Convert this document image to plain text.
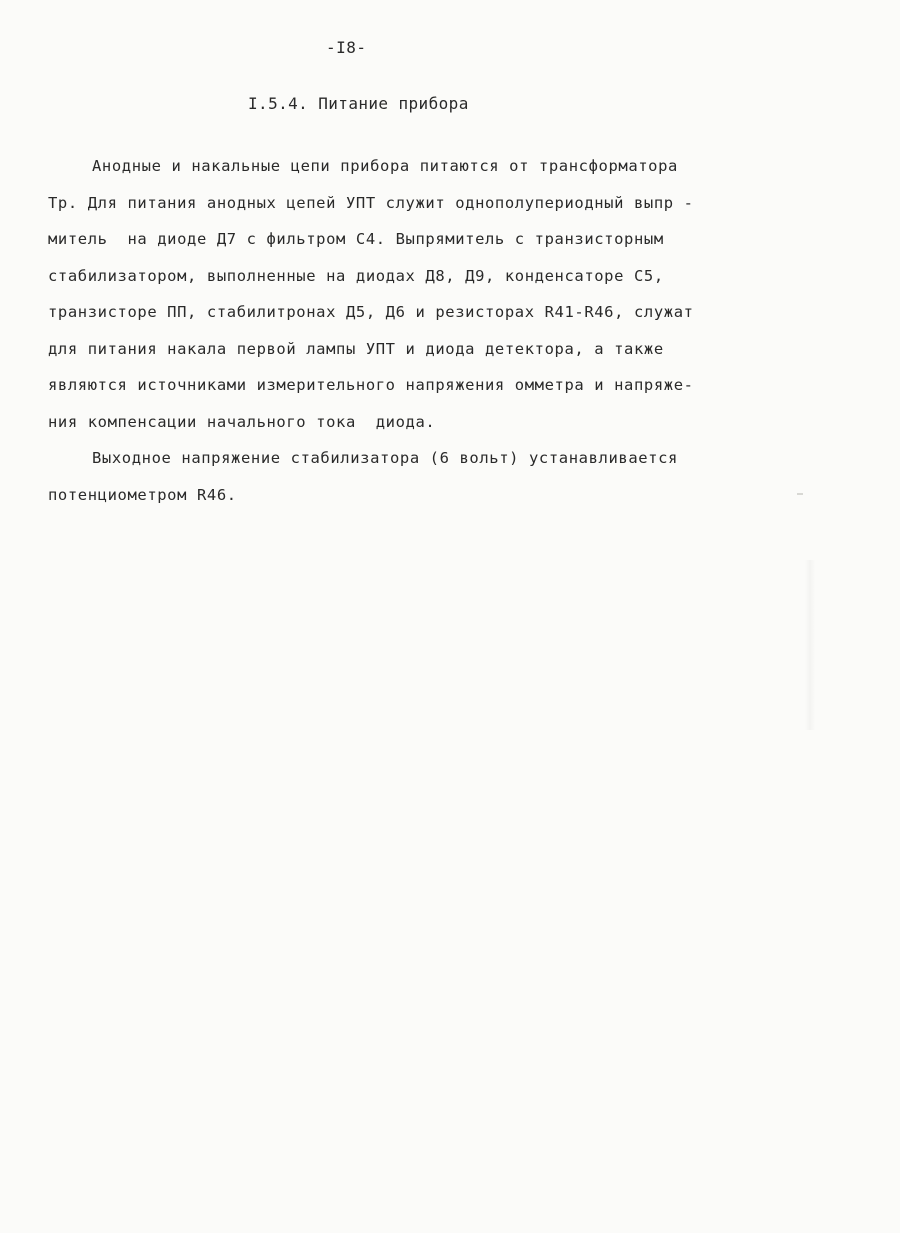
-I8-
I.5.4. Питание прибора
Анодные и накальные цепи прибора питаются от трансформатора
Тр. Для питания анодных цепей УПТ служит однополупериодный выпр -
митель  на диоде Д7 с фильтром С4. Выпрямитель с транзисторным
стабилизатором, выполненные на диодах Д8, Д9, конденсаторе С5,
транзисторе ПП, стабилитронах Д5, Д6 и резисторах R41-R46, служат
для питания накала первой лампы УПТ и диода детектора, а также
являются источниками измерительного напряжения омметра и напряже-
ния компенсации начального тока  диода.
Выходное напряжение стабилизатора (6 вольт) устанавливается
потенциометром R46.
